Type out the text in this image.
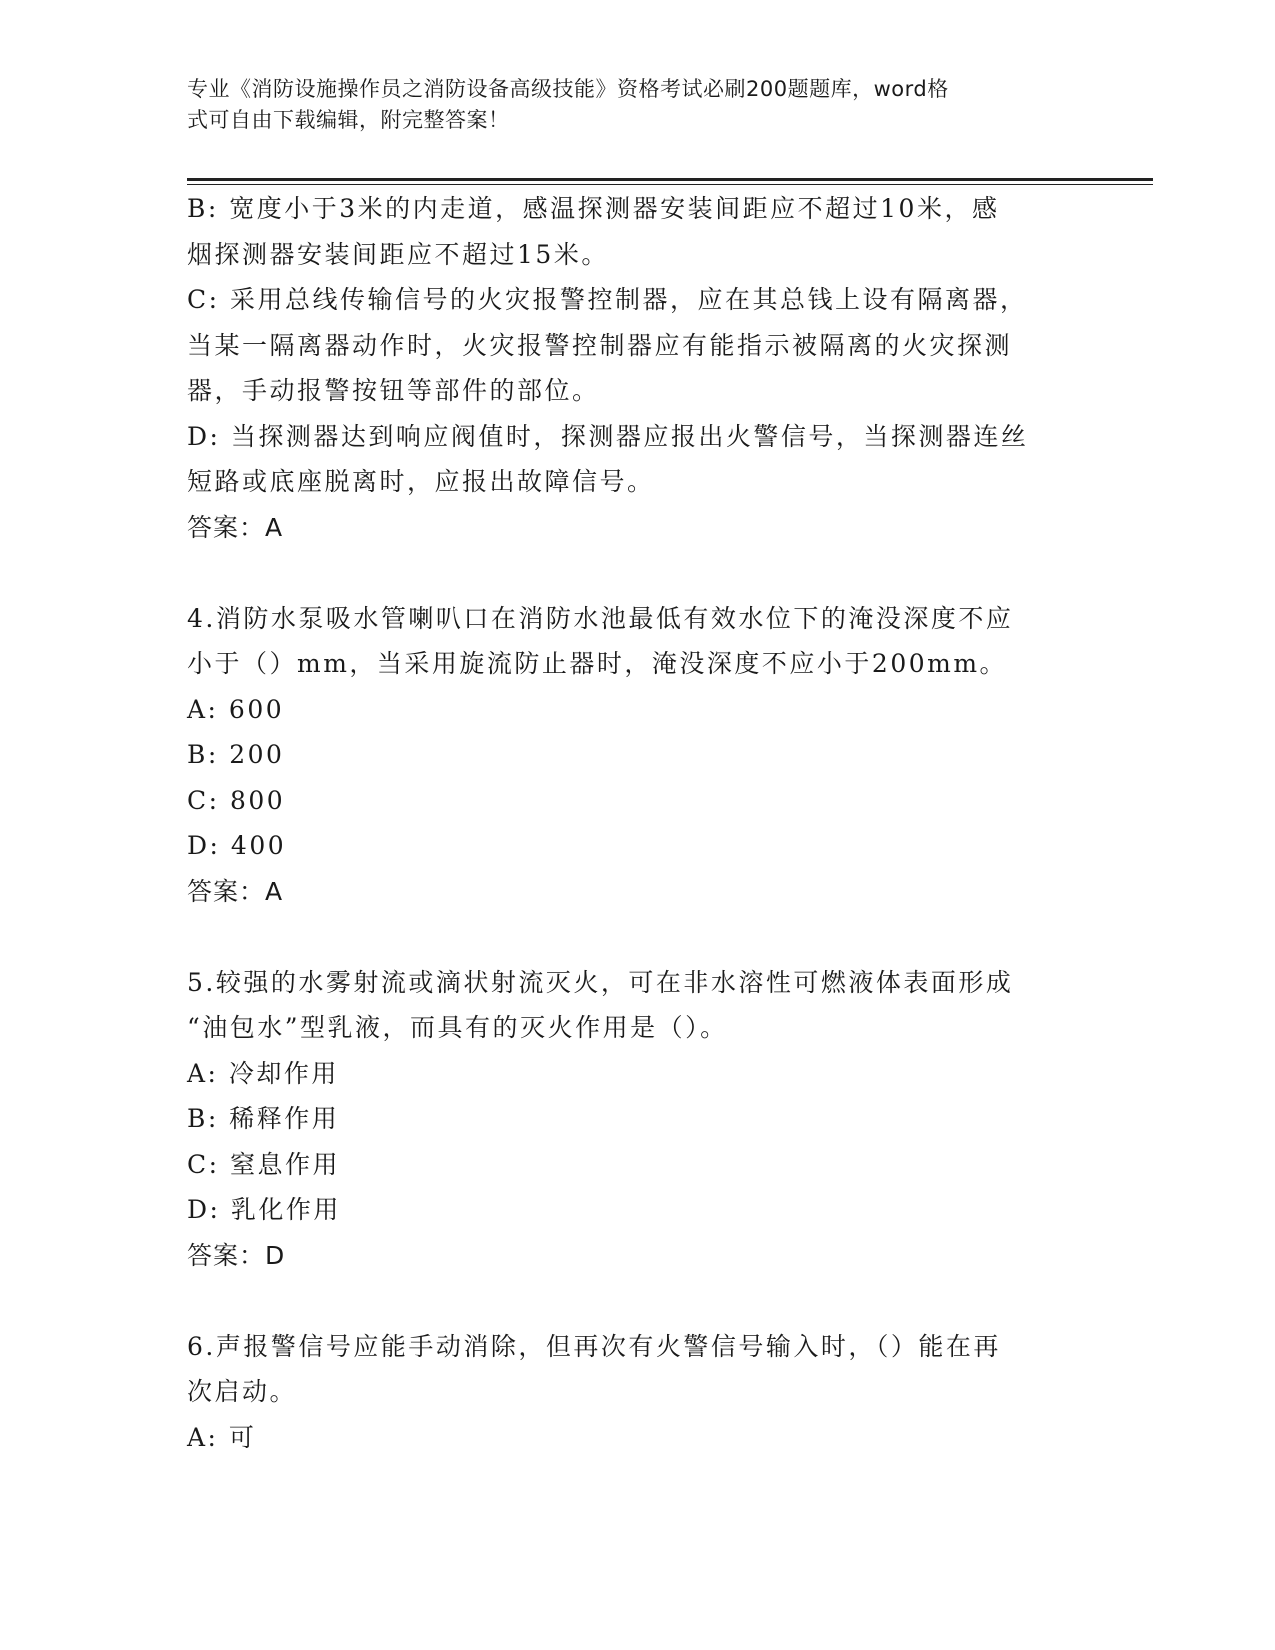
专业《消防设施操作员之消防设备高级技能》资格考试必刷200题题库，word格
式可自由下载编辑，附完整答案！
B: 宽度小于3米的内走道，感温探测器安装间距应不超过10米，感
烟探测器安装间距应不超过15米。
C: 采用总线传输信号的火灾报警控制器，应在其总钱上设有隔离器，
当某一隔离器动作时，火灾报警控制器应有能指示被隔离的火灾探测
器，手动报警按钮等部件的部位。
D: 当探测器达到响应阀值时，探测器应报出火警信号，当探测器连丝
短路或底座脱离时，应报出故障信号。
答案：A
4.消防水泵吸水管喇叭口在消防水池最低有效水位下的淹没深度不应
小于（）mm，当采用旋流防止器时，淹没深度不应小于200mm。
A: 600
B: 200
C: 800
D: 400
答案：A
5.较强的水雾射流或滴状射流灭火，可在非水溶性可燃液体表面形成
“油包水”型乳液，而具有的灭火作用是（）。
A: 冷却作用
B: 稀释作用
C: 窒息作用
D: 乳化作用
答案：D
6.声报警信号应能手动消除，但再次有火警信号输入时，（）能在再
次启动。
A: 可
